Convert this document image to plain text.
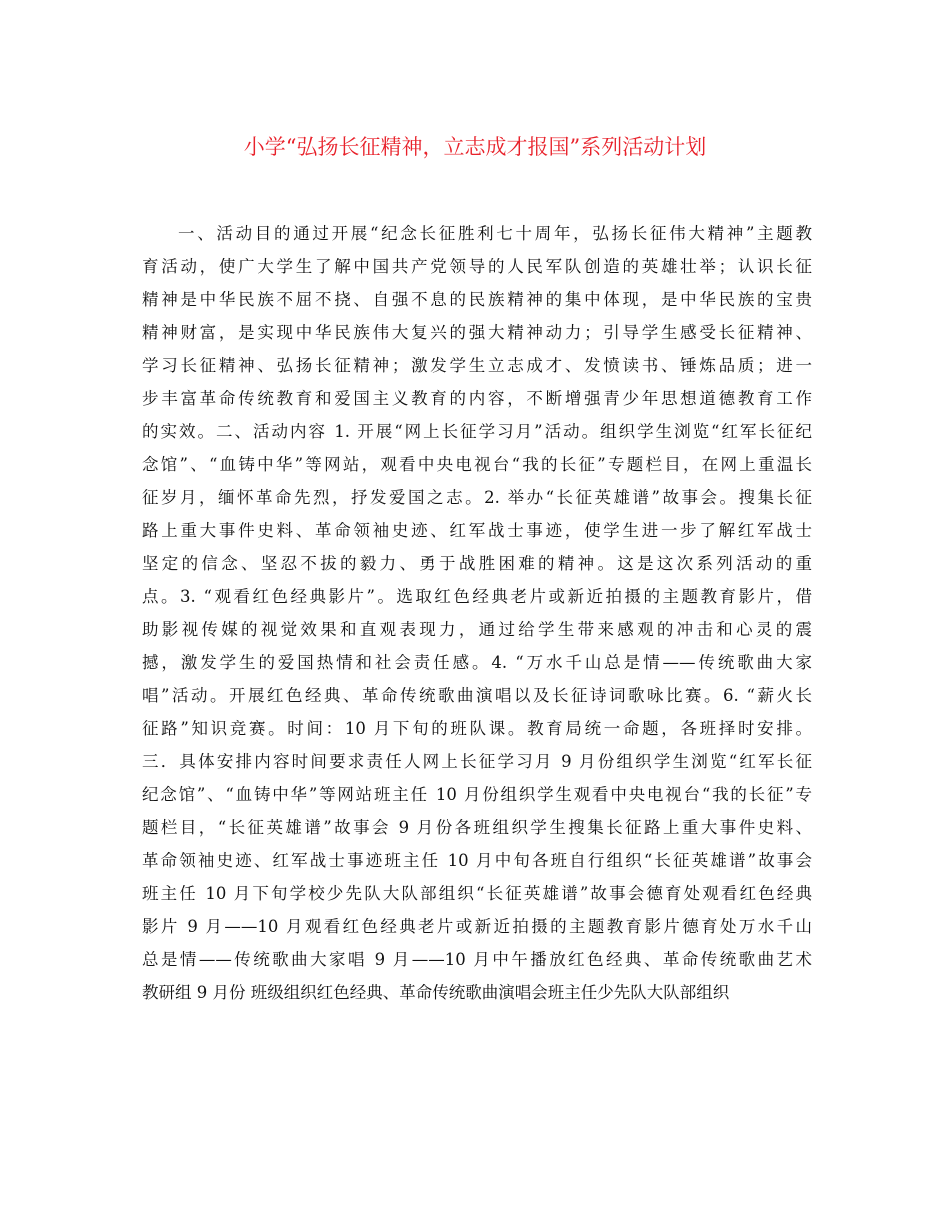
小学“弘扬长征精神，立志成才报国”系列活动计划
一、活动目的通过开展“纪念长征胜利七十周年，弘扬长征伟大精神”主题教
育活动，使广大学生了解中国共产党领导的人民军队创造的英雄壮举；认识长征
精神是中华民族不屈不挠、自强不息的民族精神的集中体现，是中华民族的宝贵
精神财富，是实现中华民族伟大复兴的强大精神动力；引导学生感受长征精神、
学习长征精神、弘扬长征精神；激发学生立志成才、发愤读书、锤炼品质；进一
步丰富革命传统教育和爱国主义教育的内容，不断增强青少年思想道德教育工作
的实效。二、活动内容 1. 开展“网上长征学习月”活动。组织学生浏览“红军长征纪
念馆”、“血铸中华”等网站，观看中央电视台“我的长征”专题栏目，在网上重温长
征岁月，缅怀革命先烈，抒发爱国之志。2. 举办“长征英雄谱”故事会。搜集长征
路上重大事件史料、革命领袖史迹、红军战士事迹，使学生进一步了解红军战士
坚定的信念、坚忍不拔的毅力、勇于战胜困难的精神。这是这次系列活动的重
点。3. “观看红色经典影片”。选取红色经典老片或新近拍摄的主题教育影片，借
助影视传媒的视觉效果和直观表现力，通过给学生带来感观的冲击和心灵的震
撼，激发学生的爱国热情和社会责任感。4. “万水千山总是情——传统歌曲大家
唱”活动。开展红色经典、革命传统歌曲演唱以及长征诗词歌咏比赛。6. “薪火长
征路”知识竞赛。时间：10 月下旬的班队课。教育局统一命题，各班择时安排。
三．具体安排内容时间要求责任人网上长征学习月 9 月份组织学生浏览“红军长征
纪念馆”、“血铸中华”等网站班主任 10 月份组织学生观看中央电视台“我的长征”专
题栏目，“长征英雄谱”故事会 9 月份各班组织学生搜集长征路上重大事件史料、
革命领袖史迹、红军战士事迹班主任 10 月中旬各班自行组织“长征英雄谱”故事会
班主任 10 月下旬学校少先队大队部组织“长征英雄谱”故事会德育处观看红色经典
影片 9 月——10 月观看红色经典老片或新近拍摄的主题教育影片德育处万水千山
总是情——传统歌曲大家唱 9 月——10 月中午播放红色经典、革命传统歌曲艺术
教研组 9 月份 班级组织红色经典、革命传统歌曲演唱会班主任少先队大队部组织
